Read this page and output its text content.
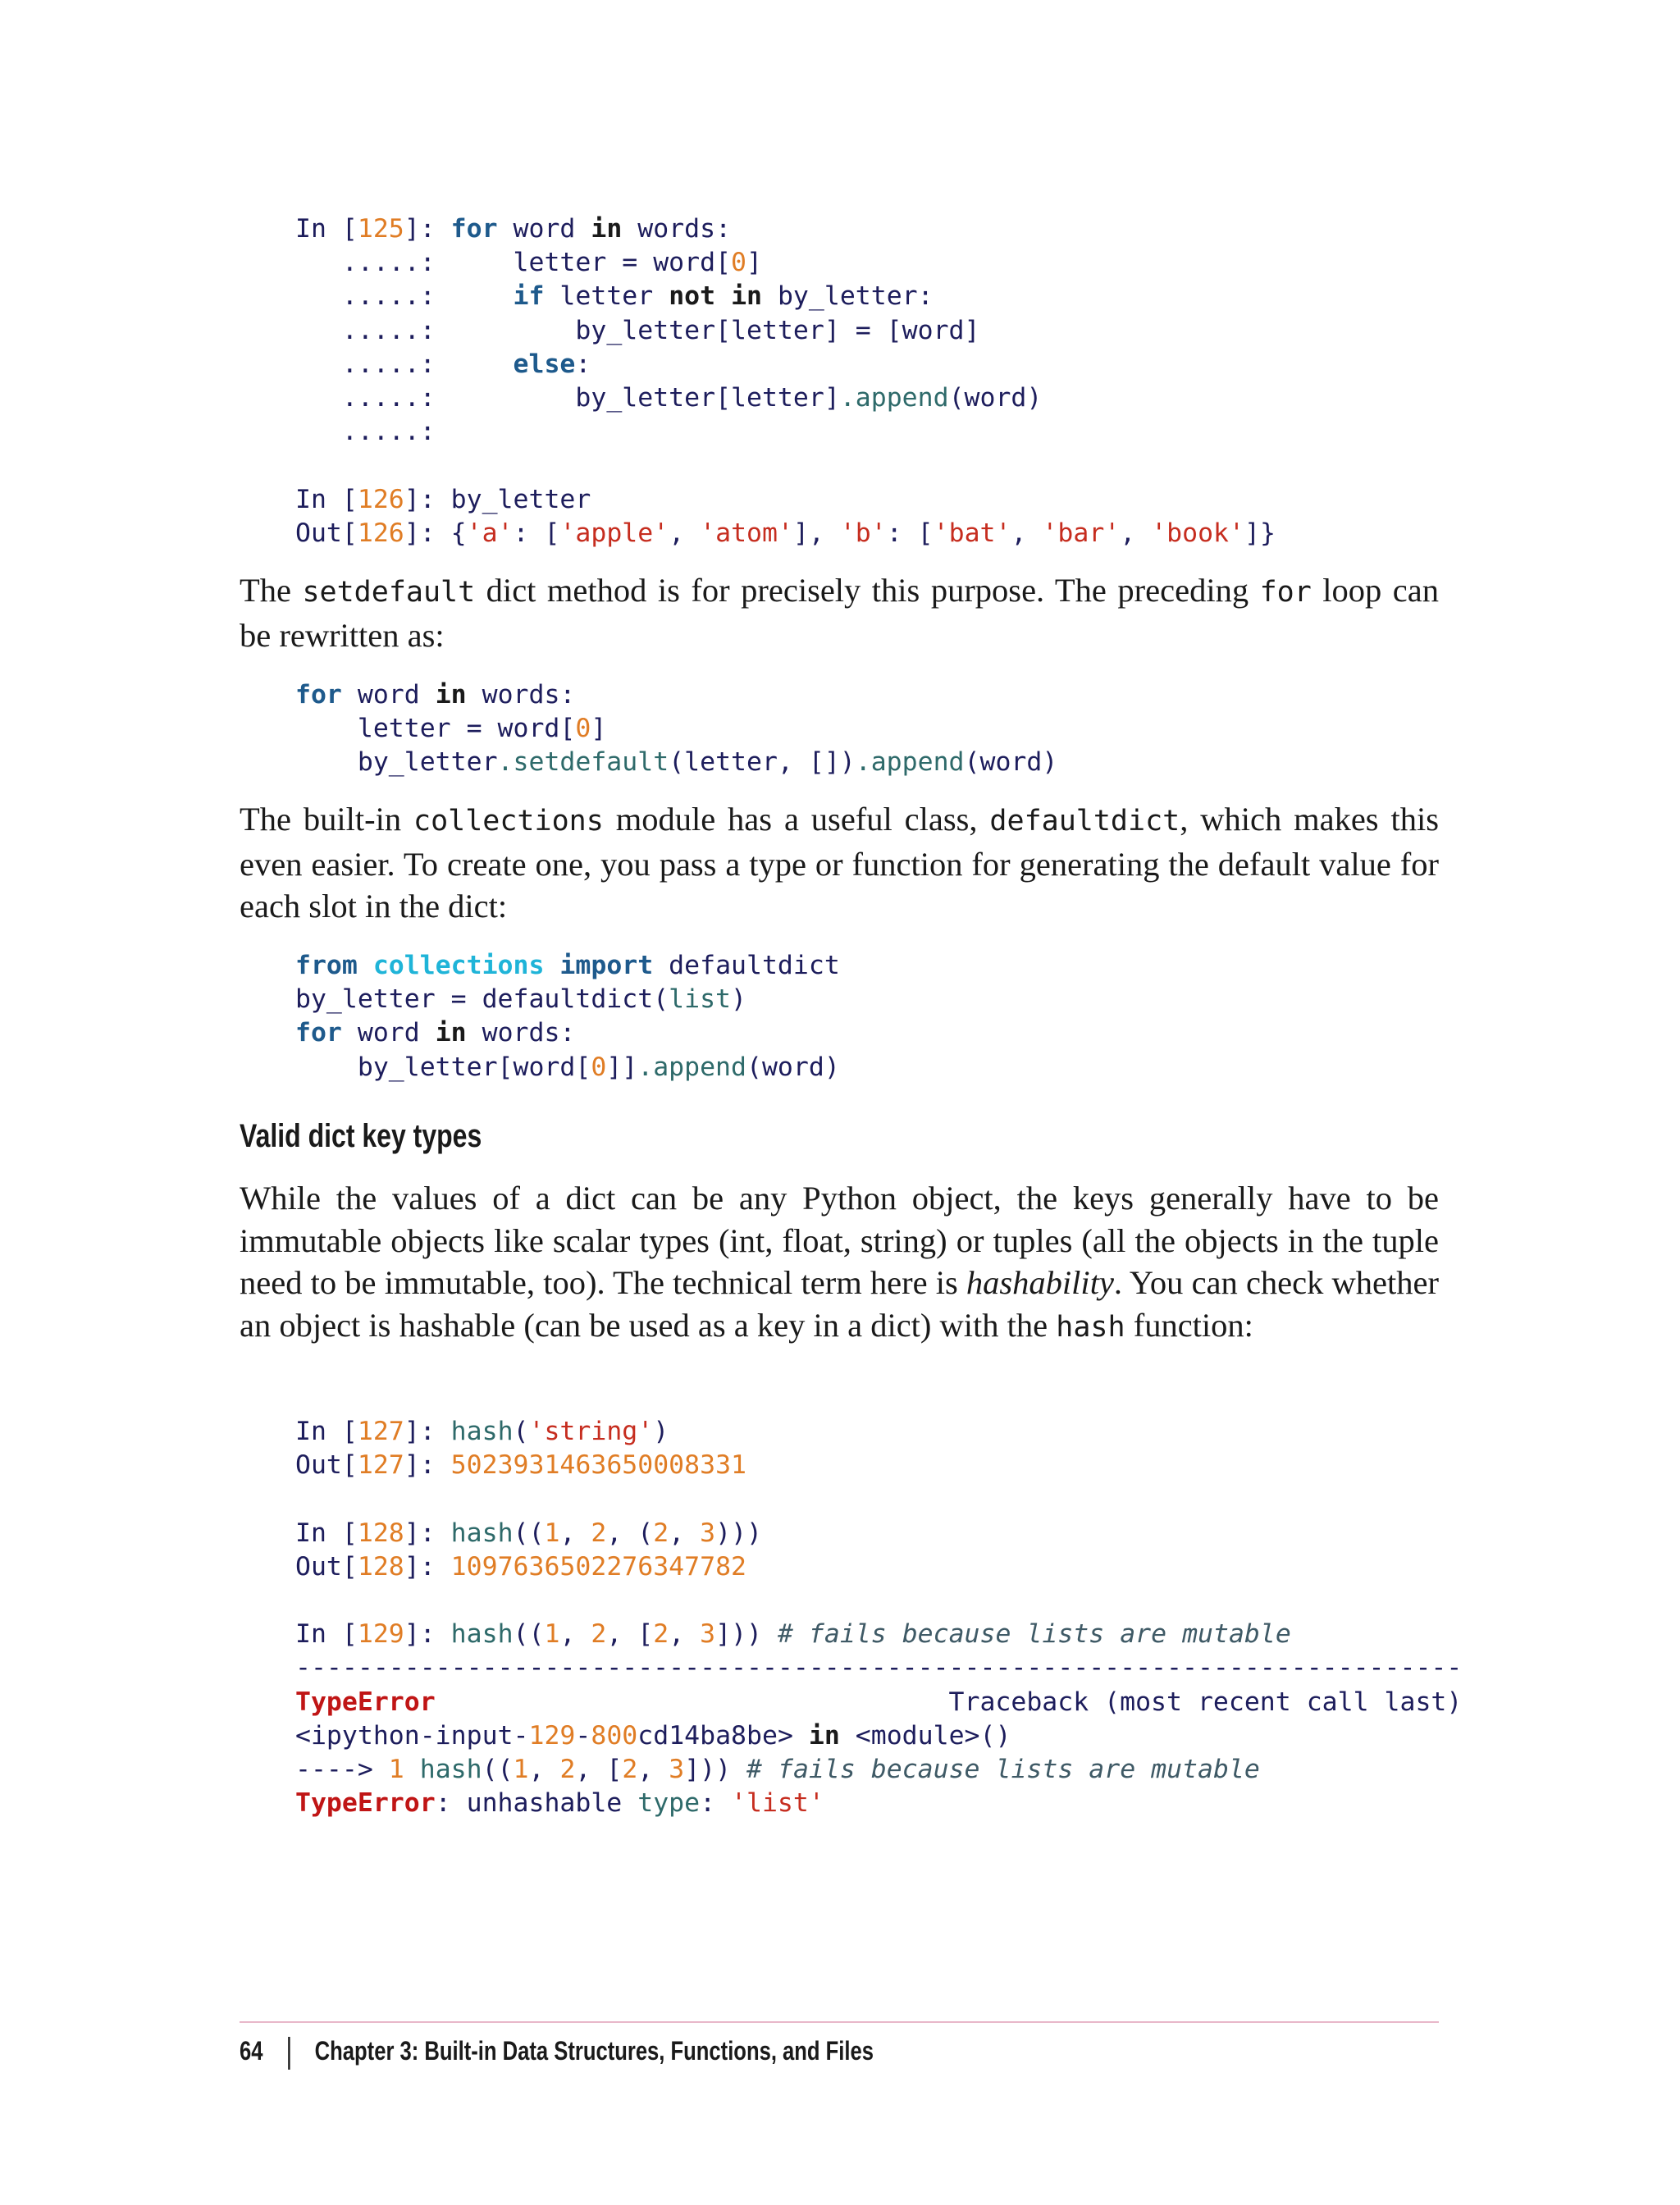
In [125]: for word in words:
.....:     letter = word[0]
.....:	if letter not in by_letter:
.....:	by_letter[letter] = [word]
.....:	else:
.....:         by_letter[letter].append(word)
.....:

In [126]: by_letter
Out[126]: {'a': ['apple', 'atom'], 'b': ['bat', 'bar', 'book']}

The setdefault dict method is for precisely this purpose. The preceding for loop can be rewritten as:

for word in words:
letter = word[0]
by_letter.setdefault(letter, []).append(word)

The built-in collections module has a useful class, defaultdict, which makes this even easier. To create one, you pass a type or function for generating the default value for each slot in the dict:

from collections import defaultdict
by_letter = defaultdict(list)
for word in words:
by_letter[word[0]].append(word)
Valid dict key types

While the values of a dict can be any Python object, the keys generally have to be immutable objects like scalar types (int, float, string) or tuples (all the objects in the tuple need to be immutable, too). The technical term here is hashability. You can check whether an object is hashable (can be used as a key in a dict) with the hash function:

In [127]: hash('string')
Out[127]: 5023931463650008331

In [128]: hash((1, 2, (2, 3)))
Out[128]: 1097636502276347782

In [129]: hash((1, 2, [2, 3])) # fails because lists are mutable
---------------------------------------------------------------------------
TypeError	Traceback (most recent call last)
<ipython-input-129-800cd14ba8be> in <module>()
----> 1 hash((1, 2, [2, 3])) # fails because lists are mutable
TypeError: unhashable type: 'list'
64 Chapter 3: Built-in Data Structures, Functions, and Files
